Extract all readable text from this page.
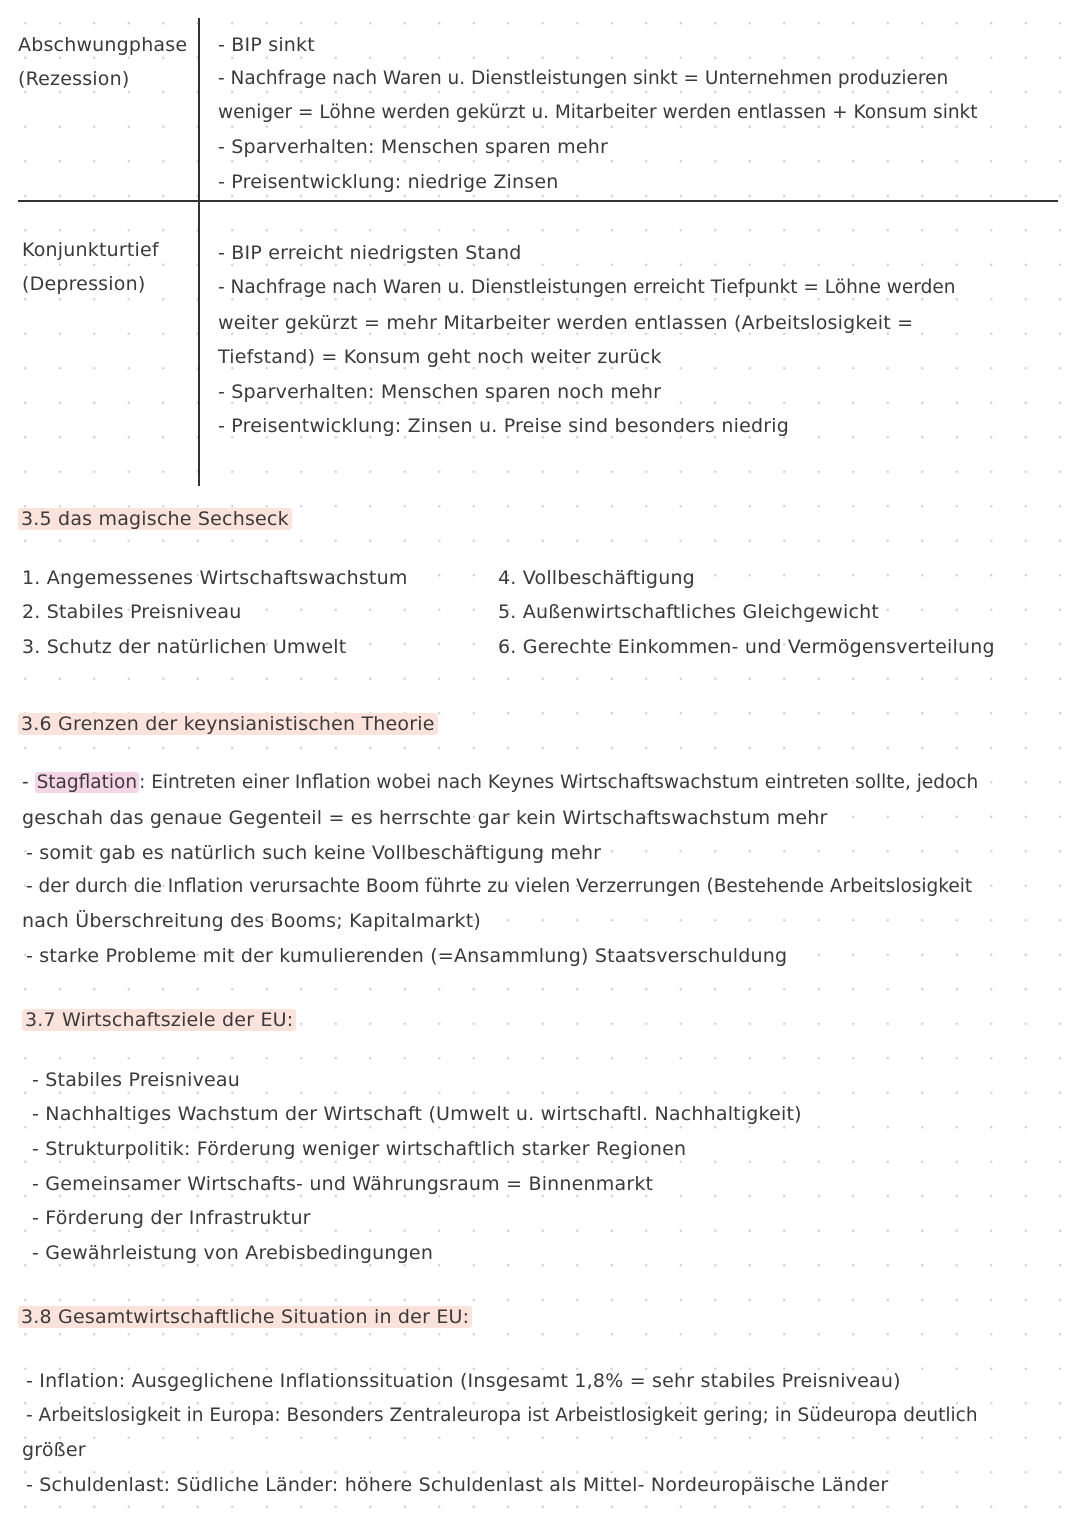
Abschwungphase
(Rezession)
- BIP sinkt
- Nachfrage nach Waren u. Dienstleistungen sinkt = Unternehmen produzieren
weniger = Löhne werden gekürzt u. Mitarbeiter werden entlassen + Konsum sinkt
- Sparverhalten: Menschen sparen mehr
- Preisentwicklung: niedrige Zinsen
Konjunkturtief
(Depression)
- BIP erreicht niedrigsten Stand
- Nachfrage nach Waren u. Dienstleistungen erreicht Tiefpunkt = Löhne werden
weiter gekürzt = mehr Mitarbeiter werden entlassen (Arbeitslosigkeit =
Tiefstand) = Konsum geht noch weiter zurück
- Sparverhalten: Menschen sparen noch mehr
- Preisentwicklung: Zinsen u. Preise sind besonders niedrig
3.5 das magische Sechseck
1. Angemessenes Wirtschaftswachstum
2. Stabiles Preisniveau
3. Schutz der natürlichen Umwelt
4. Vollbeschäftigung
5. Außenwirtschaftliches Gleichgewicht
6. Gerechte Einkommen- und Vermögensverteilung
3.6 Grenzen der keynsianistischen Theorie
- Stagflation : Eintreten einer Inflation wobei nach Keynes Wirtschaftswachstum eintreten sollte, jedoch
geschah das genaue Gegenteil = es herrschte gar kein Wirtschaftswachstum mehr
- somit gab es natürlich such keine Vollbeschäftigung mehr
- der durch die Inflation verursachte Boom führte zu vielen Verzerrungen (Bestehende Arbeitslosigkeit
nach Überschreitung des Booms; Kapitalmarkt)
- starke Probleme mit der kumulierenden (=Ansammlung) Staatsverschuldung
3.7 Wirtschaftsziele der EU:
- Stabiles Preisniveau
- Nachhaltiges Wachstum der Wirtschaft (Umwelt u. wirtschaftl. Nachhaltigkeit)
- Strukturpolitik: Förderung weniger wirtschaftlich starker Regionen
- Gemeinsamer Wirtschafts- und Währungsraum = Binnenmarkt
- Förderung der Infrastruktur
- Gewährleistung von Arebisbedingungen
3.8 Gesamtwirtschaftliche Situation in der EU:
- Inflation: Ausgeglichene Inflationssituation (Insgesamt 1,8% = sehr stabiles Preisniveau)
- Arbeitslosigkeit in Europa: Besonders Zentraleuropa ist Arbeistlosigkeit gering; in Südeuropa deutlich
größer
- Schuldenlast: Südliche Länder: höhere Schuldenlast als Mittel- Nordeuropäische Länder
